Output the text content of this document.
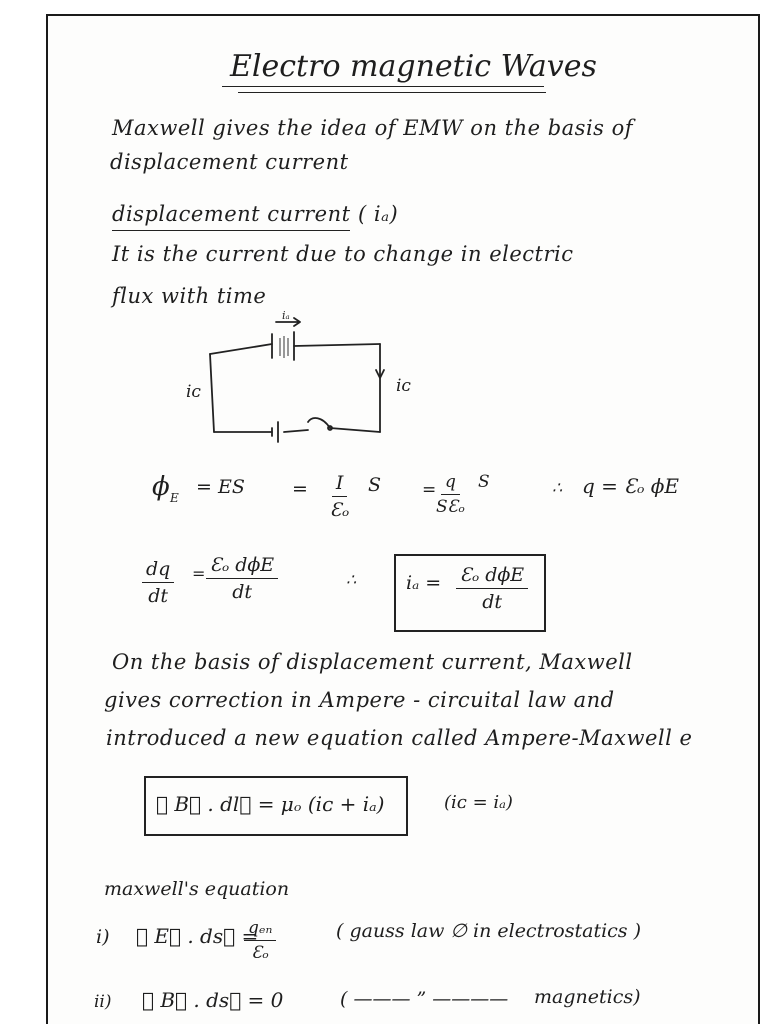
Electro magnetic Waves
Maxwell gives the idea of EMW on the basis of
displacement current
displacement current ( iₐ)
It is the current due to change in electric
flux with time
iₐ
iᴄ	iᴄ
ϕ E = ES = $\frac{I}{\text{Ɛₒ}}$ S = q
SƐₒ
S	∴ q = Ɛₒ ϕE
$\frac{dq}{dt}$ = Ɛₒ dϕE
dt
∴	iₐ = Ɛₒ dϕE
dt
On the basis of displacement current, Maxwell
gives correction in Ampere - circuital law and
introduced a new equation called Ampere-Maxwell e
∮ B⃗ . dl⃗ = μₒ (iᴄ + iₐ)	(iᴄ = iₐ)
maxwell's equation
i) ∮ E⃗ . ds⃗ =
qₑₙ
Ɛₒ
( gauss law ∅ in electrostatics )
ii) ∮ B⃗ . ds⃗ = 0	( ——— ” ———— magnetics)
